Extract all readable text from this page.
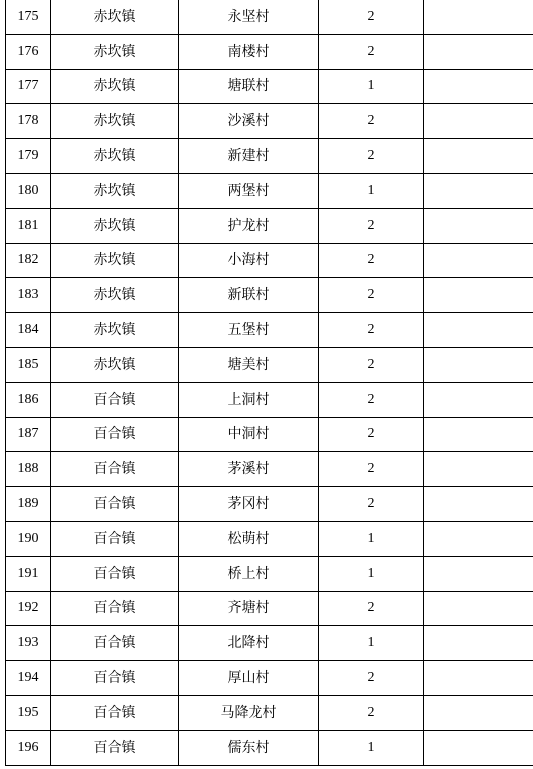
175	赤坎镇	永坚村	2	
176	赤坎镇	南楼村	2	
177	赤坎镇	塘联村	1	
178	赤坎镇	沙溪村	2	
179	赤坎镇	新建村	2	
180	赤坎镇	两堡村	1	
181	赤坎镇	护龙村	2	
182	赤坎镇	小海村	2	
183	赤坎镇	新联村	2	
184	赤坎镇	五堡村	2	
185	赤坎镇	塘美村	2	
186	百合镇	上洞村	2	
187	百合镇	中洞村	2	
188	百合镇	茅溪村	2	
189	百合镇	茅冈村	2	
190	百合镇	松萌村	1	
191	百合镇	桥上村	1	
192	百合镇	齐塘村	2	
193	百合镇	北降村	1	
194	百合镇	厚山村	2	
195	百合镇	马降龙村	2	
196	百合镇	儒东村	1	
